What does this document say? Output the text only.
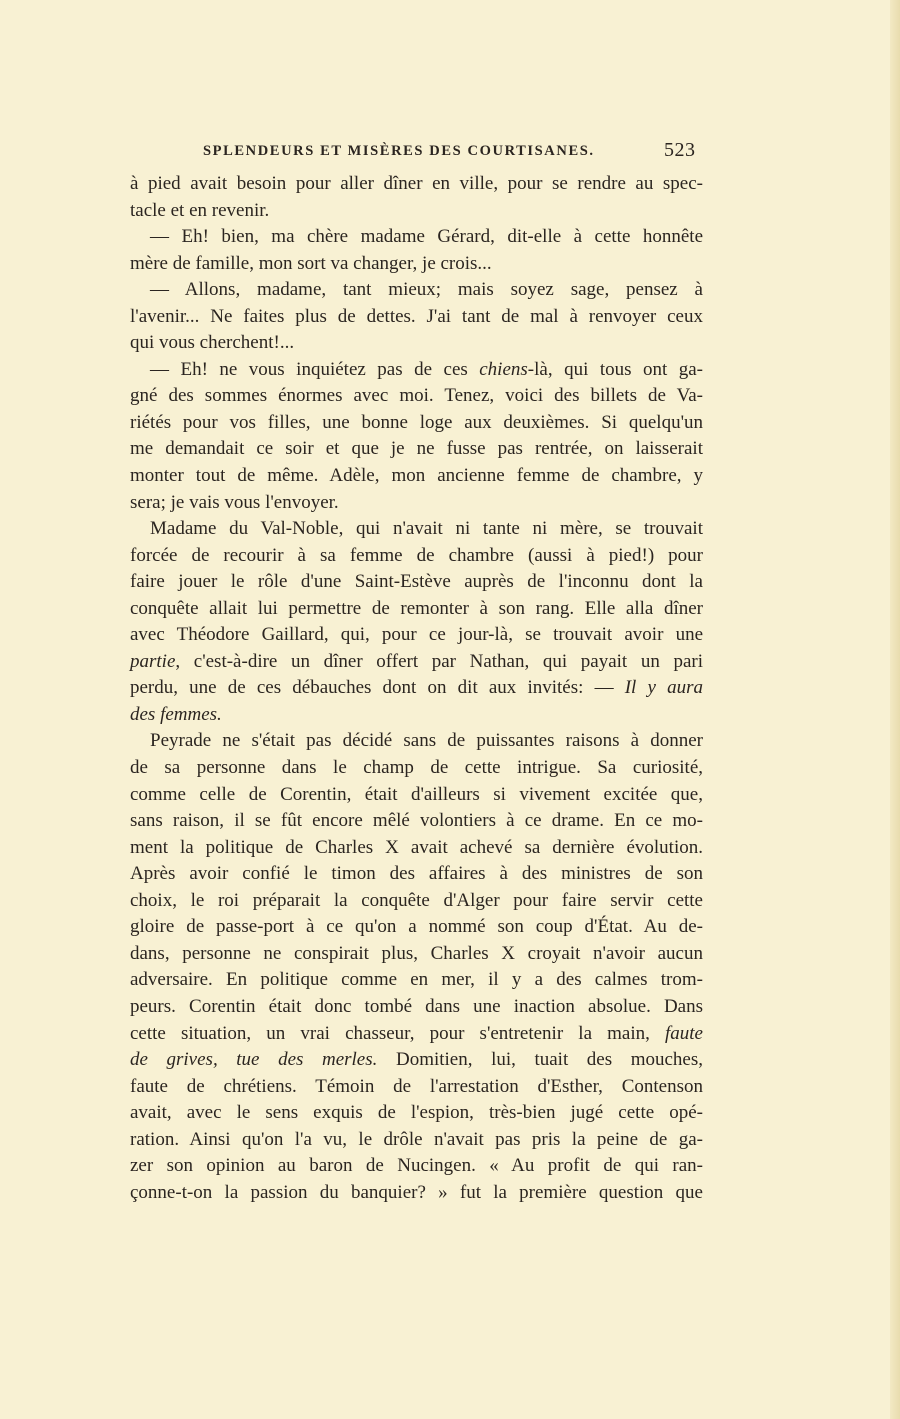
SPLENDEURS ET MISÈRES DES COURTISANES.	523
à pied avait besoin pour aller dîner en ville, pour se rendre au spec-
tacle et en revenir.
— Eh! bien, ma chère madame Gérard, dit-elle à cette honnête
mère de famille, mon sort va changer, je crois...
— Allons, madame, tant mieux; mais soyez sage, pensez à
l'avenir... Ne faites plus de dettes. J'ai tant de mal à renvoyer ceux
qui vous cherchent!...
— Eh! ne vous inquiétez pas de ces chiens-là, qui tous ont ga-
gné des sommes énormes avec moi. Tenez, voici des billets de Va-
riétés pour vos filles, une bonne loge aux deuxièmes. Si quelqu'un
me demandait ce soir et que je ne fusse pas rentrée, on laisserait
monter tout de même. Adèle, mon ancienne femme de chambre, y
sera; je vais vous l'envoyer.
Madame du Val-Noble, qui n'avait ni tante ni mère, se trouvait
forcée de recourir à sa femme de chambre (aussi à pied!) pour
faire jouer le rôle d'une Saint-Estève auprès de l'inconnu dont la
conquête allait lui permettre de remonter à son rang. Elle alla dîner
avec Théodore Gaillard, qui, pour ce jour-là, se trouvait avoir une
partie, c'est-à-dire un dîner offert par Nathan, qui payait un pari
perdu, une de ces débauches dont on dit aux invités: — Il y aura
des femmes.
Peyrade ne s'était pas décidé sans de puissantes raisons à donner
de sa personne dans le champ de cette intrigue. Sa curiosité,
comme celle de Corentin, était d'ailleurs si vivement excitée que,
sans raison, il se fût encore mêlé volontiers à ce drame. En ce mo-
ment la politique de Charles X avait achevé sa dernière évolution.
Après avoir confié le timon des affaires à des ministres de son
choix, le roi préparait la conquête d'Alger pour faire servir cette
gloire de passe-port à ce qu'on a nommé son coup d'État. Au de-
dans, personne ne conspirait plus, Charles X croyait n'avoir aucun
adversaire. En politique comme en mer, il y a des calmes trom-
peurs. Corentin était donc tombé dans une inaction absolue. Dans
cette situation, un vrai chasseur, pour s'entretenir la main, faute
de grives, tue des merles. Domitien, lui, tuait des mouches,
faute de chrétiens. Témoin de l'arrestation d'Esther, Contenson
avait, avec le sens exquis de l'espion, très-bien jugé cette opé-
ration. Ainsi qu'on l'a vu, le drôle n'avait pas pris la peine de ga-
zer son opinion au baron de Nucingen. « Au profit de qui ran-
çonne-t-on la passion du banquier? » fut la première question que
